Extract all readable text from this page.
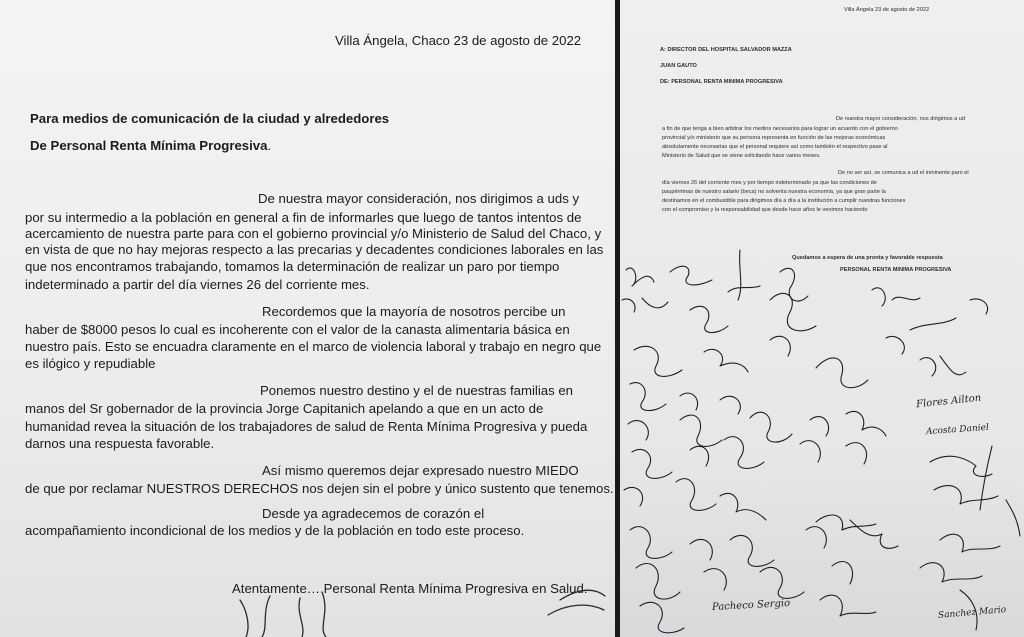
Villa Ángela, Chaco 23 de agosto de 2022

Para medios de comunicación de la ciudad y alrededores

De Personal Renta Mínima Progresiva.

De nuestra mayor consideración, nos dirigimos a uds y

por su intermedio a la población en general a fin de informarles que luego de tantos intentos de

acercamiento de nuestra parte para con el gobierno provincial y/o Ministerio de Salud del Chaco, y

en vista de que no hay mejoras respecto a las precarias y decadentes condiciones laborales en las

que nos encontramos trabajando, tomamos la determinación de realizar un paro por tiempo

indeterminado a partir del día viernes 26 del corriente mes.

Recordemos que la mayoría de nosotros percibe un

haber de $8000 pesos lo cual es incoherente con el valor de la canasta alimentaria básica en

nuestro país. Esto se encuadra claramente en el marco de violencia laboral y trabajo en negro que

es ilógico y repudiable

Ponemos nuestro destino y el de nuestras familias en

manos del Sr gobernador de la provincia Jorge Capitanich apelando a que en un acto de

humanidad revea la situación de los trabajadores de salud de Renta Mínima Progresiva y pueda

darnos una respuesta favorable.

Así mismo queremos dejar expresado nuestro MIEDO

de que por reclamar NUESTROS DERECHOS nos dejen sin el pobre y único sustento que tenemos.

Desde ya agradecemos de corazón el

acompañamiento incondicional de los medios y de la población en todo este proceso.

Atentamente… Personal Renta Mínima Progresiva en Salud.

Villa Ángela 23 de agosto de 2022

A: DIRECTOR DEL HOSPITAL SALVADOR MAZZA

JUAN GAUTO

DE: PERSONAL RENTA MINIMA PROGRESIVA

De nuestra mayor consideración, nos dirigimos a ud

a fin de que tenga a bien arbitrar los medios necesarios para lograr un acuerdo con el gobierno

provincial y/o ministerio que su persona representa en función de las mejoras económicas

absolutamente necesarias que el personal requiere así como también el respectivo pase al

Ministerio de Salud que se viene solicitando hace varios meses.

De no ser así, se comunica a ud el inminente paro el

día viernes 26 del corriente mes y por tiempo indeterminado ya que las condiciones de

paupérrimas de nuestro salario (beca) no solventa nuestra economía, ya que gran parte la

destinamos en el combustible para dirigimos día a día a la institución a cumplir nuestras funciones

con el compromiso y la responsabilidad que desde hace años le venimos haciendo

Quedamos a espera de una pronta y favorable respuesta

PERSONAL RENTA MINIMA PROGRESIVA

Flores Ailton
Acosta Daniel
Pacheco Sergio	Sanchez Mario
